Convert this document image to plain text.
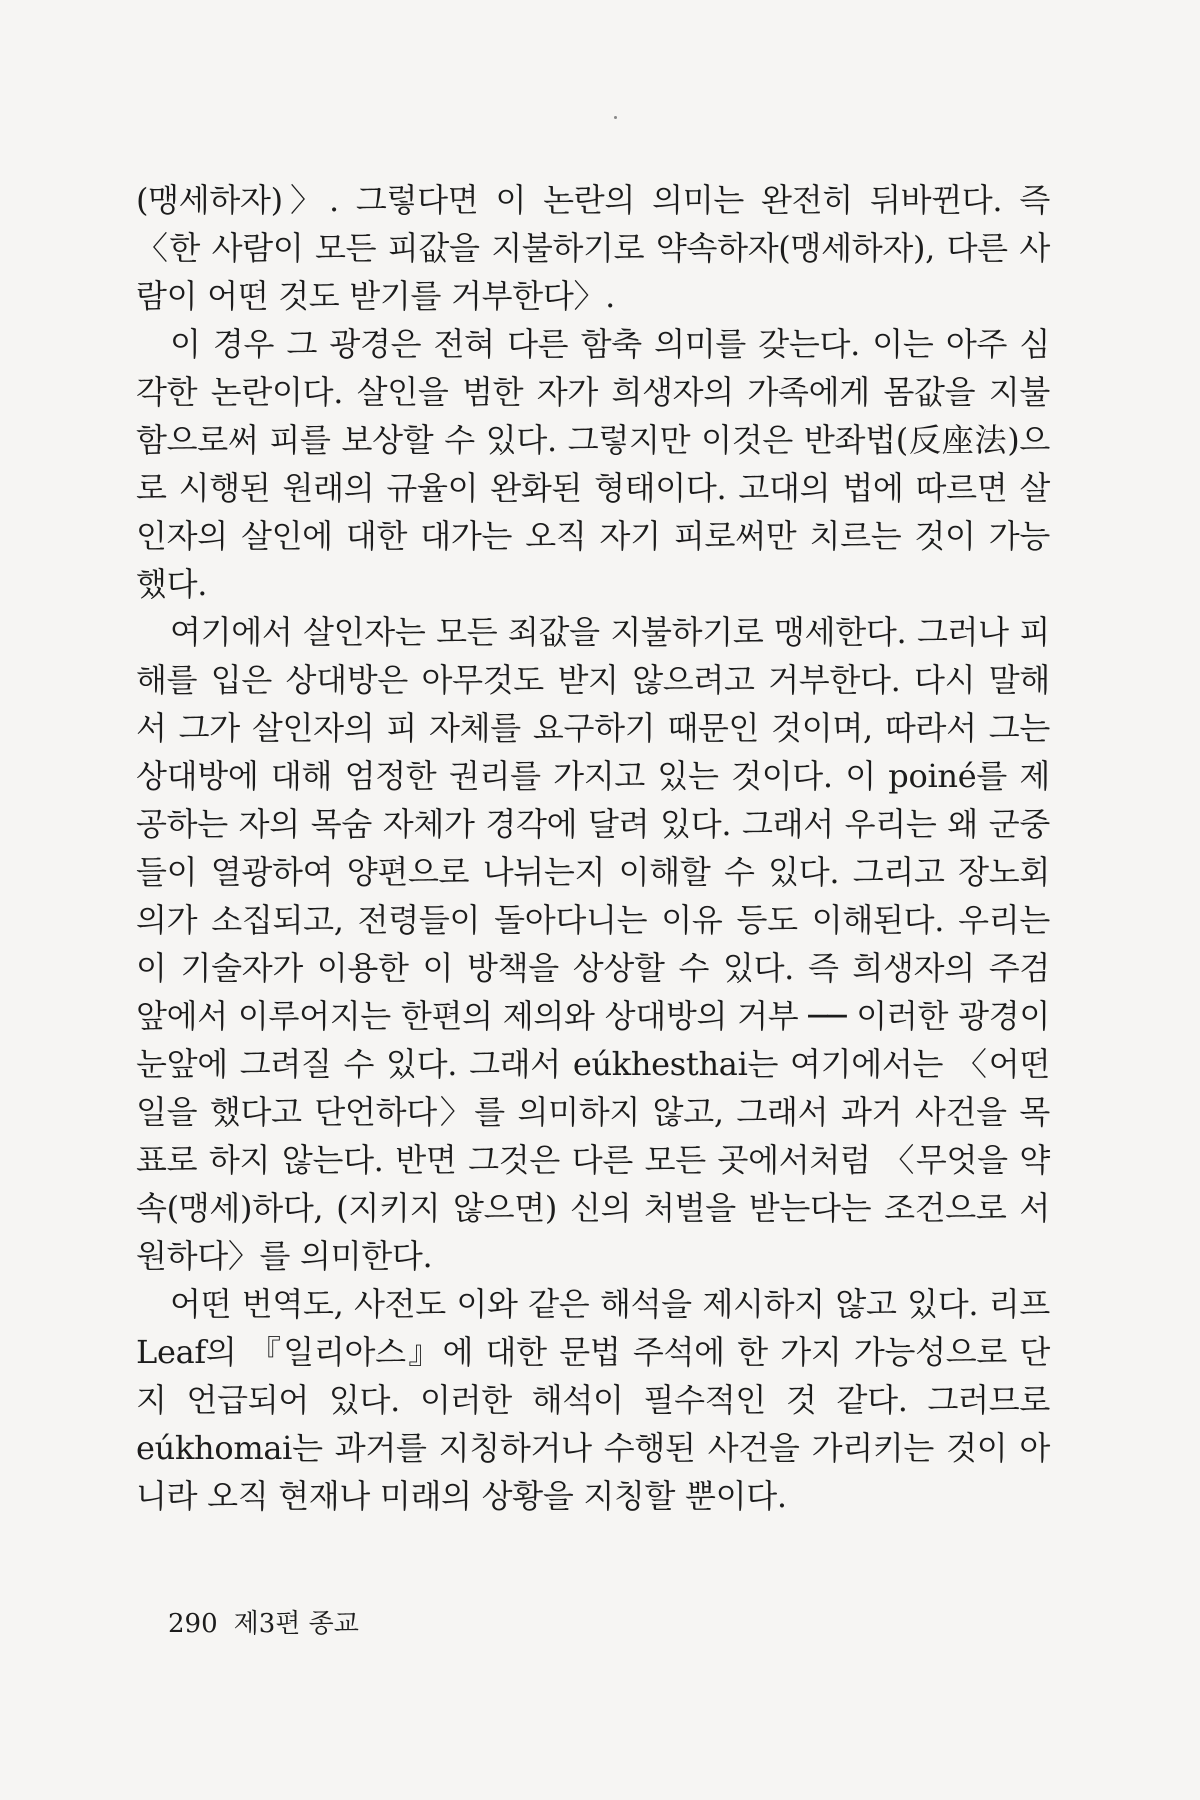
(맹세하자)〉. 그렇다면 이 논란의 의미는 완전히 뒤바뀐다. 즉 〈한 사람이 모든 피값을 지불하기로 약속하자(맹세하자), 다른 사람이 어떤 것도 받기를 거부한다〉.

이 경우 그 광경은 전혀 다른 함축 의미를 갖는다. 이는 아주 심각한 논란이다. 살인을 범한 자가 희생자의 가족에게 몸값을 지불함으로써 피를 보상할 수 있다. 그렇지만 이것은 반좌법(反座法)으로 시행된 원래의 규율이 완화된 형태이다. 고대의 법에 따르면 살인자의 살인에 대한 대가는 오직 자기 피로써만 치르는 것이 가능했다.

여기에서 살인자는 모든 죄값을 지불하기로 맹세한다. 그러나 피해를 입은 상대방은 아무것도 받지 않으려고 거부한다. 다시 말해서 그가 살인자의 피 자체를 요구하기 때문인 것이며, 따라서 그는 상대방에 대해 엄정한 권리를 가지고 있는 것이다. 이 poiné를 제공하는 자의 목숨 자체가 경각에 달려 있다. 그래서 우리는 왜 군중들이 열광하여 양편으로 나뉘는지 이해할 수 있다. 그리고 장노회의가 소집되고, 전령들이 돌아다니는 이유 등도 이해된다. 우리는 이 기술자가 이용한 이 방책을 상상할 수 있다. 즉 희생자의 주검 앞에서 이루어지는 한편의 제의와 상대방의 거부 ── 이러한 광경이 눈앞에 그려질 수 있다. 그래서 eúkhesthai는 여기에서는 〈어떤 일을 했다고 단언하다〉를 의미하지 않고, 그래서 과거 사건을 목표로 하지 않는다. 반면 그것은 다른 모든 곳에서처럼 〈무엇을 약속(맹세)하다, (지키지 않으면) 신의 처벌을 받는다는 조건으로 서원하다〉를 의미한다.

어떤 번역도, 사전도 이와 같은 해석을 제시하지 않고 있다. 리프 Leaf의 『일리아스』에 대한 문법 주석에 한 가지 가능성으로 단지 언급되어 있다. 이러한 해석이 필수적인 것 같다. 그러므로 eúkhomai는 과거를 지칭하거나 수행된 사건을 가리키는 것이 아니라 오직 현재나 미래의 상황을 지칭할 뿐이다.

290 제3편 종교
